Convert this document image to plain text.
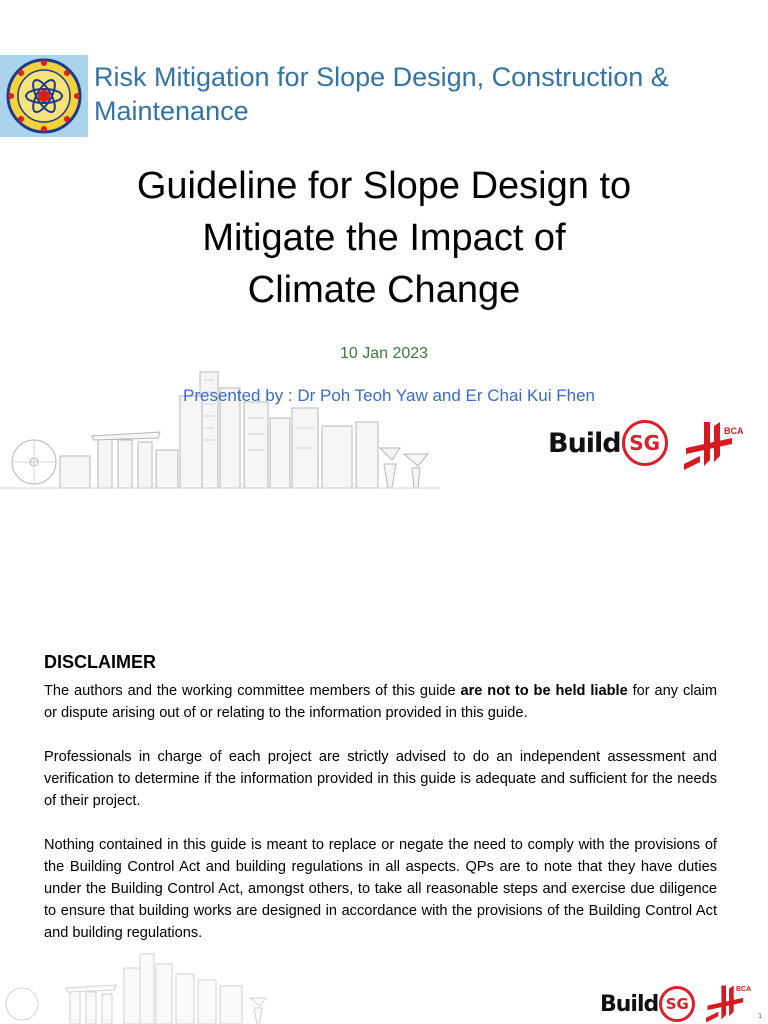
Risk Mitigation for Slope Design, Construction &
Maintenance
Guideline for Slope Design to
Mitigate the Impact of
Climate Change
10 Jan 2023
Presented by : Dr Poh Teoh Yaw and Er Chai Kui Fhen
Build SG	BCA
DISCLAIMER

The authors and the working committee members of this guide are not to be held liable for any claim or dispute arising out of or relating to the information provided in this guide.

Professionals in charge of each project are strictly advised to do an independent assessment and verification to determine if the information provided in this guide is adequate and sufficient for the needs of their project.

Nothing contained in this guide is meant to replace or negate the need to comply with the provisions of the Building Control Act and building regulations in all aspects. QPs are to note that they have duties under the Building Control Act, amongst others, to take all reasonable steps and exercise due diligence to ensure that building works are designed in accordance with the provisions of the Building Control Act and building regulations.

Build SG
BCA
1
